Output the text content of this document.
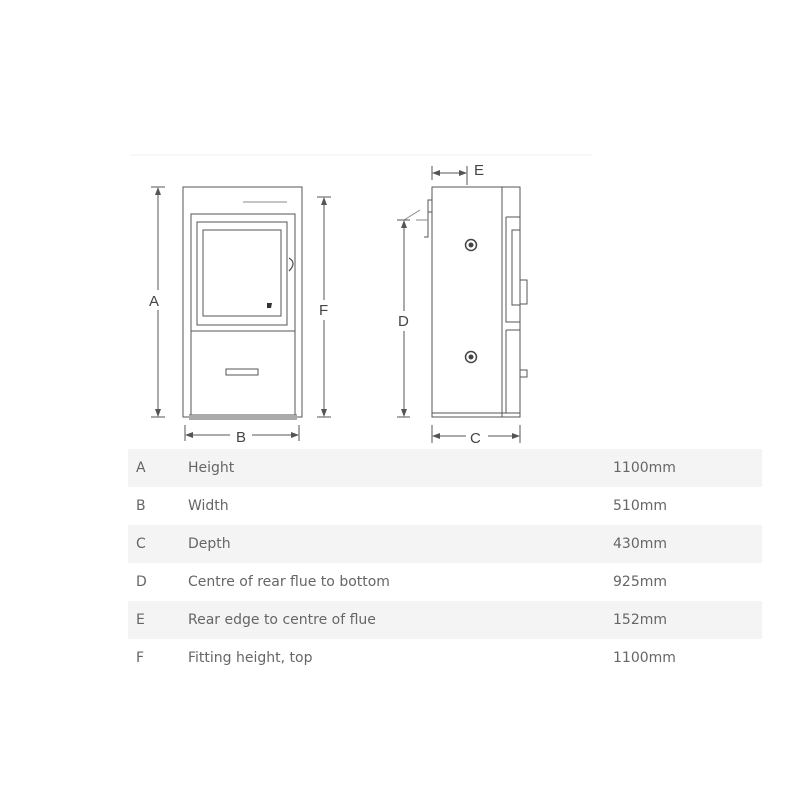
A
F
B
E
D
C
A	Height	1100mm
B	Width	510mm
C	Depth	430mm
D	Centre of rear flue to bottom	925mm
E	Rear edge to centre of flue	152mm
F	Fitting height, top	1100mm
